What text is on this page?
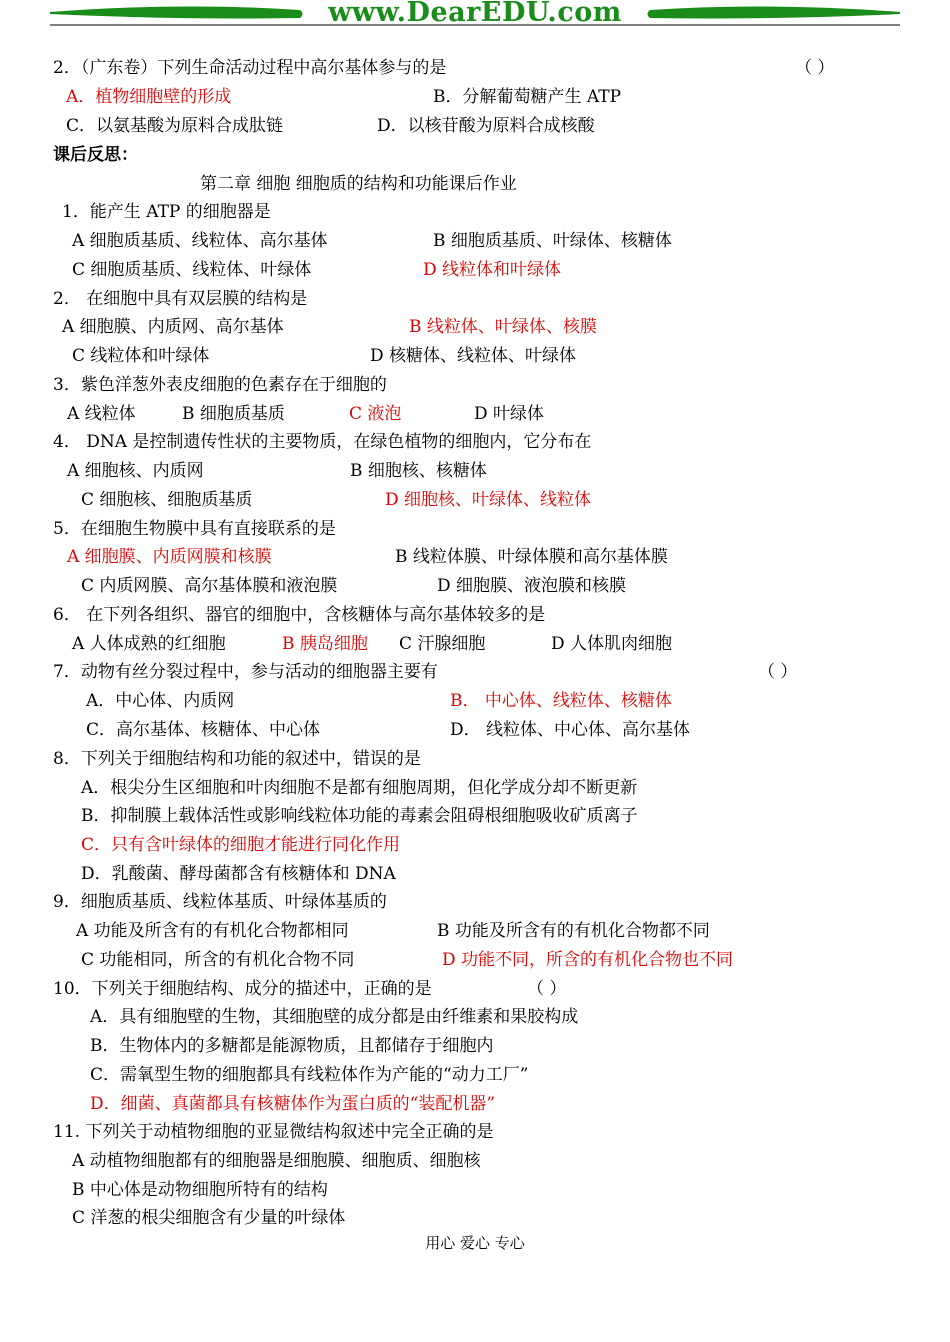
www.DearEDU.com
2．（广东卷）下列生命活动过程中高尔基体参与的是	（ ）
A．植物细胞壁的形成	B．分解葡萄糖产生 ATP
C．以氨基酸为原料合成肽链	D．以核苷酸为原料合成核酸
课后反思：
第二章 细胞 细胞质的结构和功能课后作业
1．能产生 ATP 的细胞器是
A 细胞质基质、线粒体、高尔基体	B 细胞质基质、叶绿体、核糖体
C 细胞质基质、线粒体、叶绿体	D 线粒体和叶绿体
2． 在细胞中具有双层膜的结构是
A 细胞膜、内质网、高尔基体	B 线粒体、叶绿体、核膜
C 线粒体和叶绿体	D 核糖体、线粒体、叶绿体
3．紫色洋葱外表皮细胞的色素存在于细胞的
A 线粒体	B 细胞质基质	C 液泡	D 叶绿体
4． DNA 是控制遗传性状的主要物质，在绿色植物的细胞内，它分布在
A 细胞核、内质网	B 细胞核、核糖体
C 细胞核、细胞质基质	D 细胞核、叶绿体、线粒体
5．在细胞生物膜中具有直接联系的是
A 细胞膜、内质网膜和核膜	B 线粒体膜、叶绿体膜和高尔基体膜
C 内质网膜、高尔基体膜和液泡膜	D 细胞膜、液泡膜和核膜
6． 在下列各组织、器官的细胞中，含核糖体与高尔基体较多的是
A 人体成熟的红细胞	B 胰岛细胞 C 汗腺细胞	D 人体肌肉细胞
7．动物有丝分裂过程中，参与活动的细胞器主要有	（ ）
A．中心体、内质网	B． 中心体、线粒体、核糖体
C．高尔基体、核糖体、中心体	D． 线粒体、中心体、高尔基体
8．下列关于细胞结构和功能的叙述中，错误的是
A．根尖分生区细胞和叶肉细胞不是都有细胞周期，但化学成分却不断更新
B．抑制膜上载体活性或影响线粒体功能的毒素会阻碍根细胞吸收矿质离子
C．只有含叶绿体的细胞才能进行同化作用
D．乳酸菌、酵母菌都含有核糖体和 DNA
9．细胞质基质、线粒体基质、叶绿体基质的
A 功能及所含有的有机化合物都相同	B 功能及所含有的有机化合物都不同
C 功能相同，所含的有机化合物不同	D 功能不同，所含的有机化合物也不同
10．下列关于细胞结构、成分的描述中，正确的是	（ ）
A．具有细胞壁的生物，其细胞壁的成分都是由纤维素和果胶构成
B．生物体内的多糖都是能源物质，且都储存于细胞内
C．需氧型生物的细胞都具有线粒体作为产能的“动力工厂”
D．细菌、真菌都具有核糖体作为蛋白质的“装配机器”
11. 下列关于动植物细胞的亚显微结构叙述中完全正确的是
A 动植物细胞都有的细胞器是细胞膜、细胞质、细胞核
B 中心体是动物细胞所特有的结构
C 洋葱的根尖细胞含有少量的叶绿体
用心 爱心 专心
